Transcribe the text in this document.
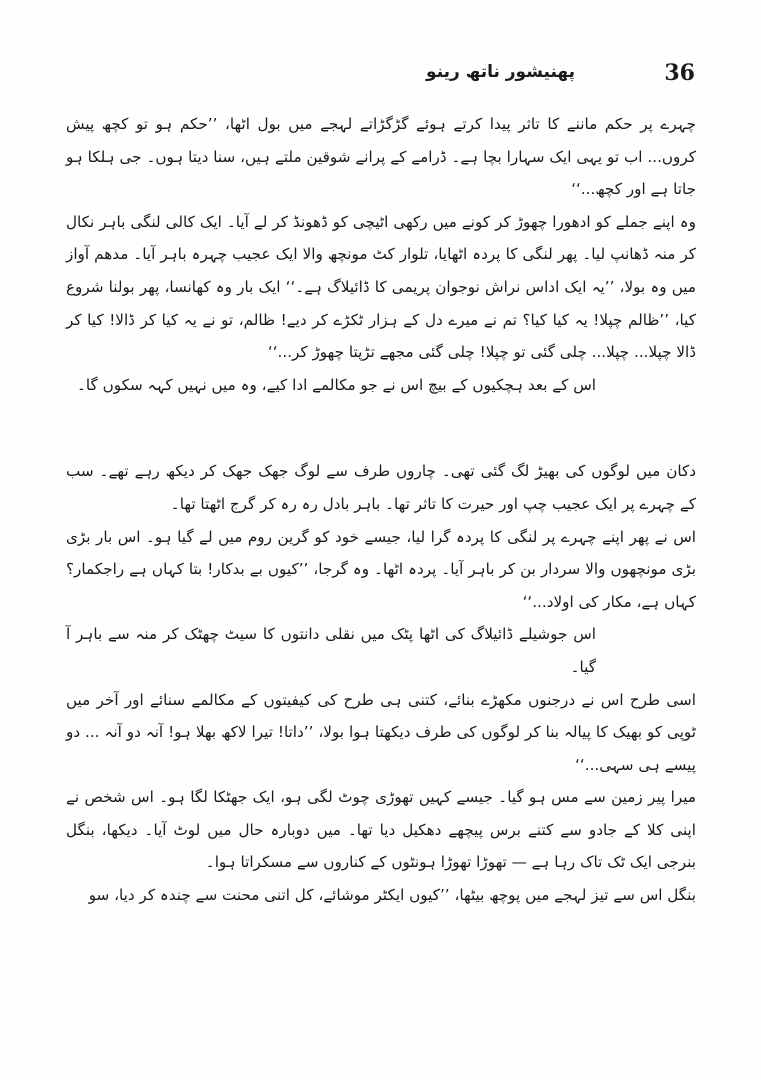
36
پھنیشور ناتھ رینو

چہرے پر حکم ماننے کا تاثر پیدا کرتے ہوئے گڑگڑاتے لہجے میں بول اٹھا، ’’حکم ہو تو کچھ پیش کروں... اب تو یہی ایک سہارا بچا ہے۔ ڈرامے کے پرانے شوقین ملتے ہیں، سنا دیتا ہوں۔ جی ہلکا ہو جاتا ہے اور کچھ...‘‘

وہ اپنے جملے کو ادھورا چھوڑ کر کونے میں رکھی اٹیچی کو ڈھونڈ کر لے آیا۔ ایک کالی لنگی باہر نکال کر منہ ڈھانپ لیا۔ پھر لنگی کا پردہ اٹھایا، تلوار کٹ مونچھ والا ایک عجیب چہرہ باہر آیا۔ مدھم آواز میں وہ بولا، ’’یہ ایک اداس نراش نوجوان پریمی کا ڈائیلاگ ہے۔‘‘ ایک بار وہ کھانسا، پھر بولنا شروع کیا، ’’ظالم چپلا! یہ کیا کیا؟ تم نے میرے دل کے ہزار ٹکڑے کر دیے! ظالم، تو نے یہ کیا کر ڈالا! کیا کر ڈالا چپلا... چپلا... چلی گئی تو چپلا! چلی گئی مجھے تڑپتا چھوڑ کر...‘‘

اس کے بعد ہچکیوں کے بیچ اس نے جو مکالمے ادا کیے، وہ میں نہیں کہہ سکوں گا۔

دکان میں لوگوں کی بھیڑ لگ گئی تھی۔ چاروں طرف سے لوگ جھک جھک کر دیکھ رہے تھے۔ سب کے چہرے پر ایک عجیب چپ اور حیرت کا تاثر تھا۔ باہر بادل رہ رہ کر گرج اٹھتا تھا۔

اس نے پھر اپنے چہرے پر لنگی کا پردہ گرا لیا، جیسے خود کو گرین روم میں لے گیا ہو۔ اس بار بڑی بڑی مونچھوں والا سردار بن کر باہر آیا۔ پردہ اٹھا۔ وہ گرجا، ’’کیوں بے بدکار! بتا کہاں ہے راجکمار؟ کہاں ہے، مکار کی اولاد...‘‘

اس جوشیلے ڈائیلاگ کی اٹھا پٹک میں نقلی دانتوں کا سیٹ چھٹک کر منہ سے باہر آ گیا۔

اسی طرح اس نے درجنوں مکھڑے بنائے، کتنی ہی طرح کی کیفیتوں کے مکالمے سنائے اور آخر میں ٹوپی کو بھیک کا پیالہ بنا کر لوگوں کی طرف دیکھتا ہوا بولا، ’’داتا! تیرا لاکھ بھلا ہو! آنہ دو آنہ ... دو پیسے ہی سہی...‘‘

میرا پیر زمین سے مس ہو گیا۔ جیسے کہیں تھوڑی چوٹ لگی ہو، ایک جھٹکا لگا ہو۔ اس شخص نے اپنی کلا کے جادو سے کتنے برس پیچھے دھکیل دیا تھا۔ میں دوبارہ حال میں لوٹ آیا۔ دیکھا، بنگل بنرجی ایک ٹک تاک رہا ہے — تھوڑا تھوڑا ہونٹوں کے کناروں سے مسکراتا ہوا۔

بنگل اس سے تیز لہجے میں پوچھ بیٹھا، ’’کیوں ایکٹر موشائے، کل اتنی محنت سے چندہ کر دیا، سو
